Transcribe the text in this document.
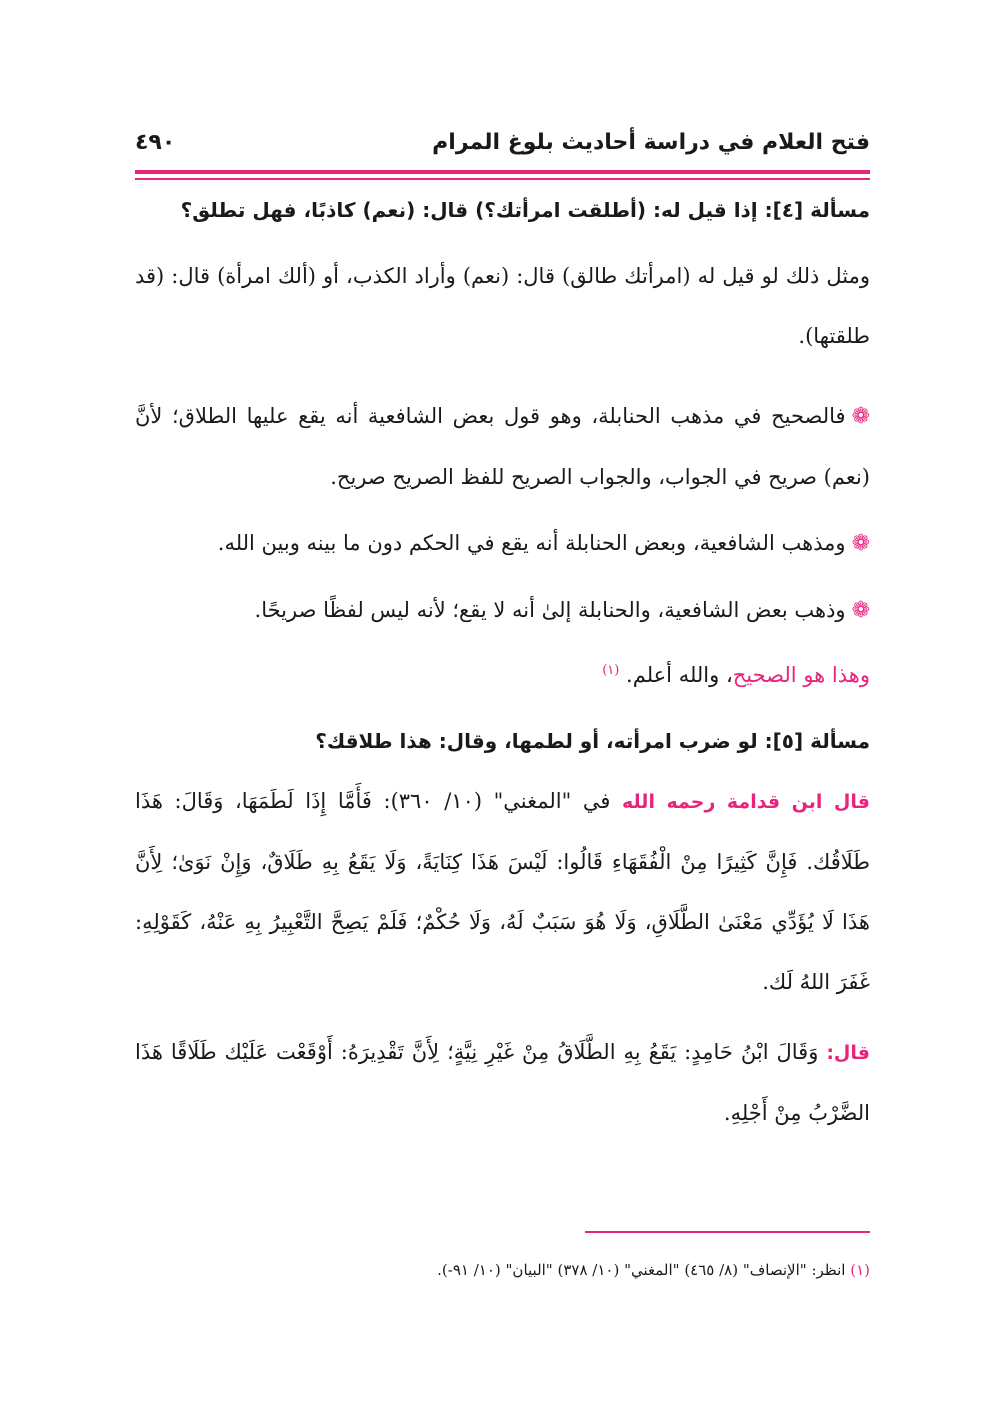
فتح العلام في دراسة أحاديث بلوغ المرام
٤٩٠

مسألة [٤]: إذا قيل له: (أطلقت امرأتك؟) قال: (نعم) كاذبًا، فهل تطلق؟

ومثل ذلك لو قيل له (امرأتك طالق) قال: (نعم) وأراد الكذب، أو (ألك امرأة) قال: (قد طلقتها).

❁فالصحيح في مذهب الحنابلة، وهو قول بعض الشافعية أنه يقع عليها الطلاق؛ لأنَّ (نعم) صريح في الجواب، والجواب الصريح للفظ الصريح صريح.

❁ومذهب الشافعية، وبعض الحنابلة أنه يقع في الحكم دون ما بينه وبين الله.

❁وذهب بعض الشافعية، والحنابلة إلىٰ أنه لا يقع؛ لأنه ليس لفظًا صريحًا.

وهذا هو الصحيح، والله أعلم. $^{(١)}$

مسألة [٥]: لو ضرب امرأته، أو لطمها، وقال: هذا طلاقك؟

قال ابن قدامة رحمه الله في "المغني" (١٠/ ٣٦٠): فَأَمَّا إِذَا لَطَمَهَا، وَقَالَ: هَذَا طَلَاقُك. فَإِنَّ كَثِيرًا مِنْ الْفُقَهَاءِ قَالُوا: لَيْسَ هَذَا كِنَايَةً، وَلَا يَقَعُ بِهِ طَلَاقٌ، وَإِنْ نَوَىٰ؛ لِأَنَّ هَذَا لَا يُؤَدِّي مَعْنَىٰ الطَّلَاقِ، وَلَا هُوَ سَبَبٌ لَهُ، وَلَا حُكْمٌ؛ فَلَمْ يَصِحَّ التَّعْبِيرُ بِهِ عَنْهُ، كَقَوْلِهِ: غَفَرَ اللهُ لَك.

قال: وَقَالَ ابْنُ حَامِدٍ: يَقَعُ بِهِ الطَّلَاقُ مِنْ غَيْرِ نِيَّةٍ؛ لِأَنَّ تَقْدِيرَهُ: أَوْقَعْت عَلَيْك طَلَاقًا هَذَا الضَّرْبُ مِنْ أَجْلِهِ.

(١) انظر: "الإنصاف" (٨/ ٤٦٥) "المغني" (١٠/ ٣٧٨) "البيان" (١٠/ ٩١-).
